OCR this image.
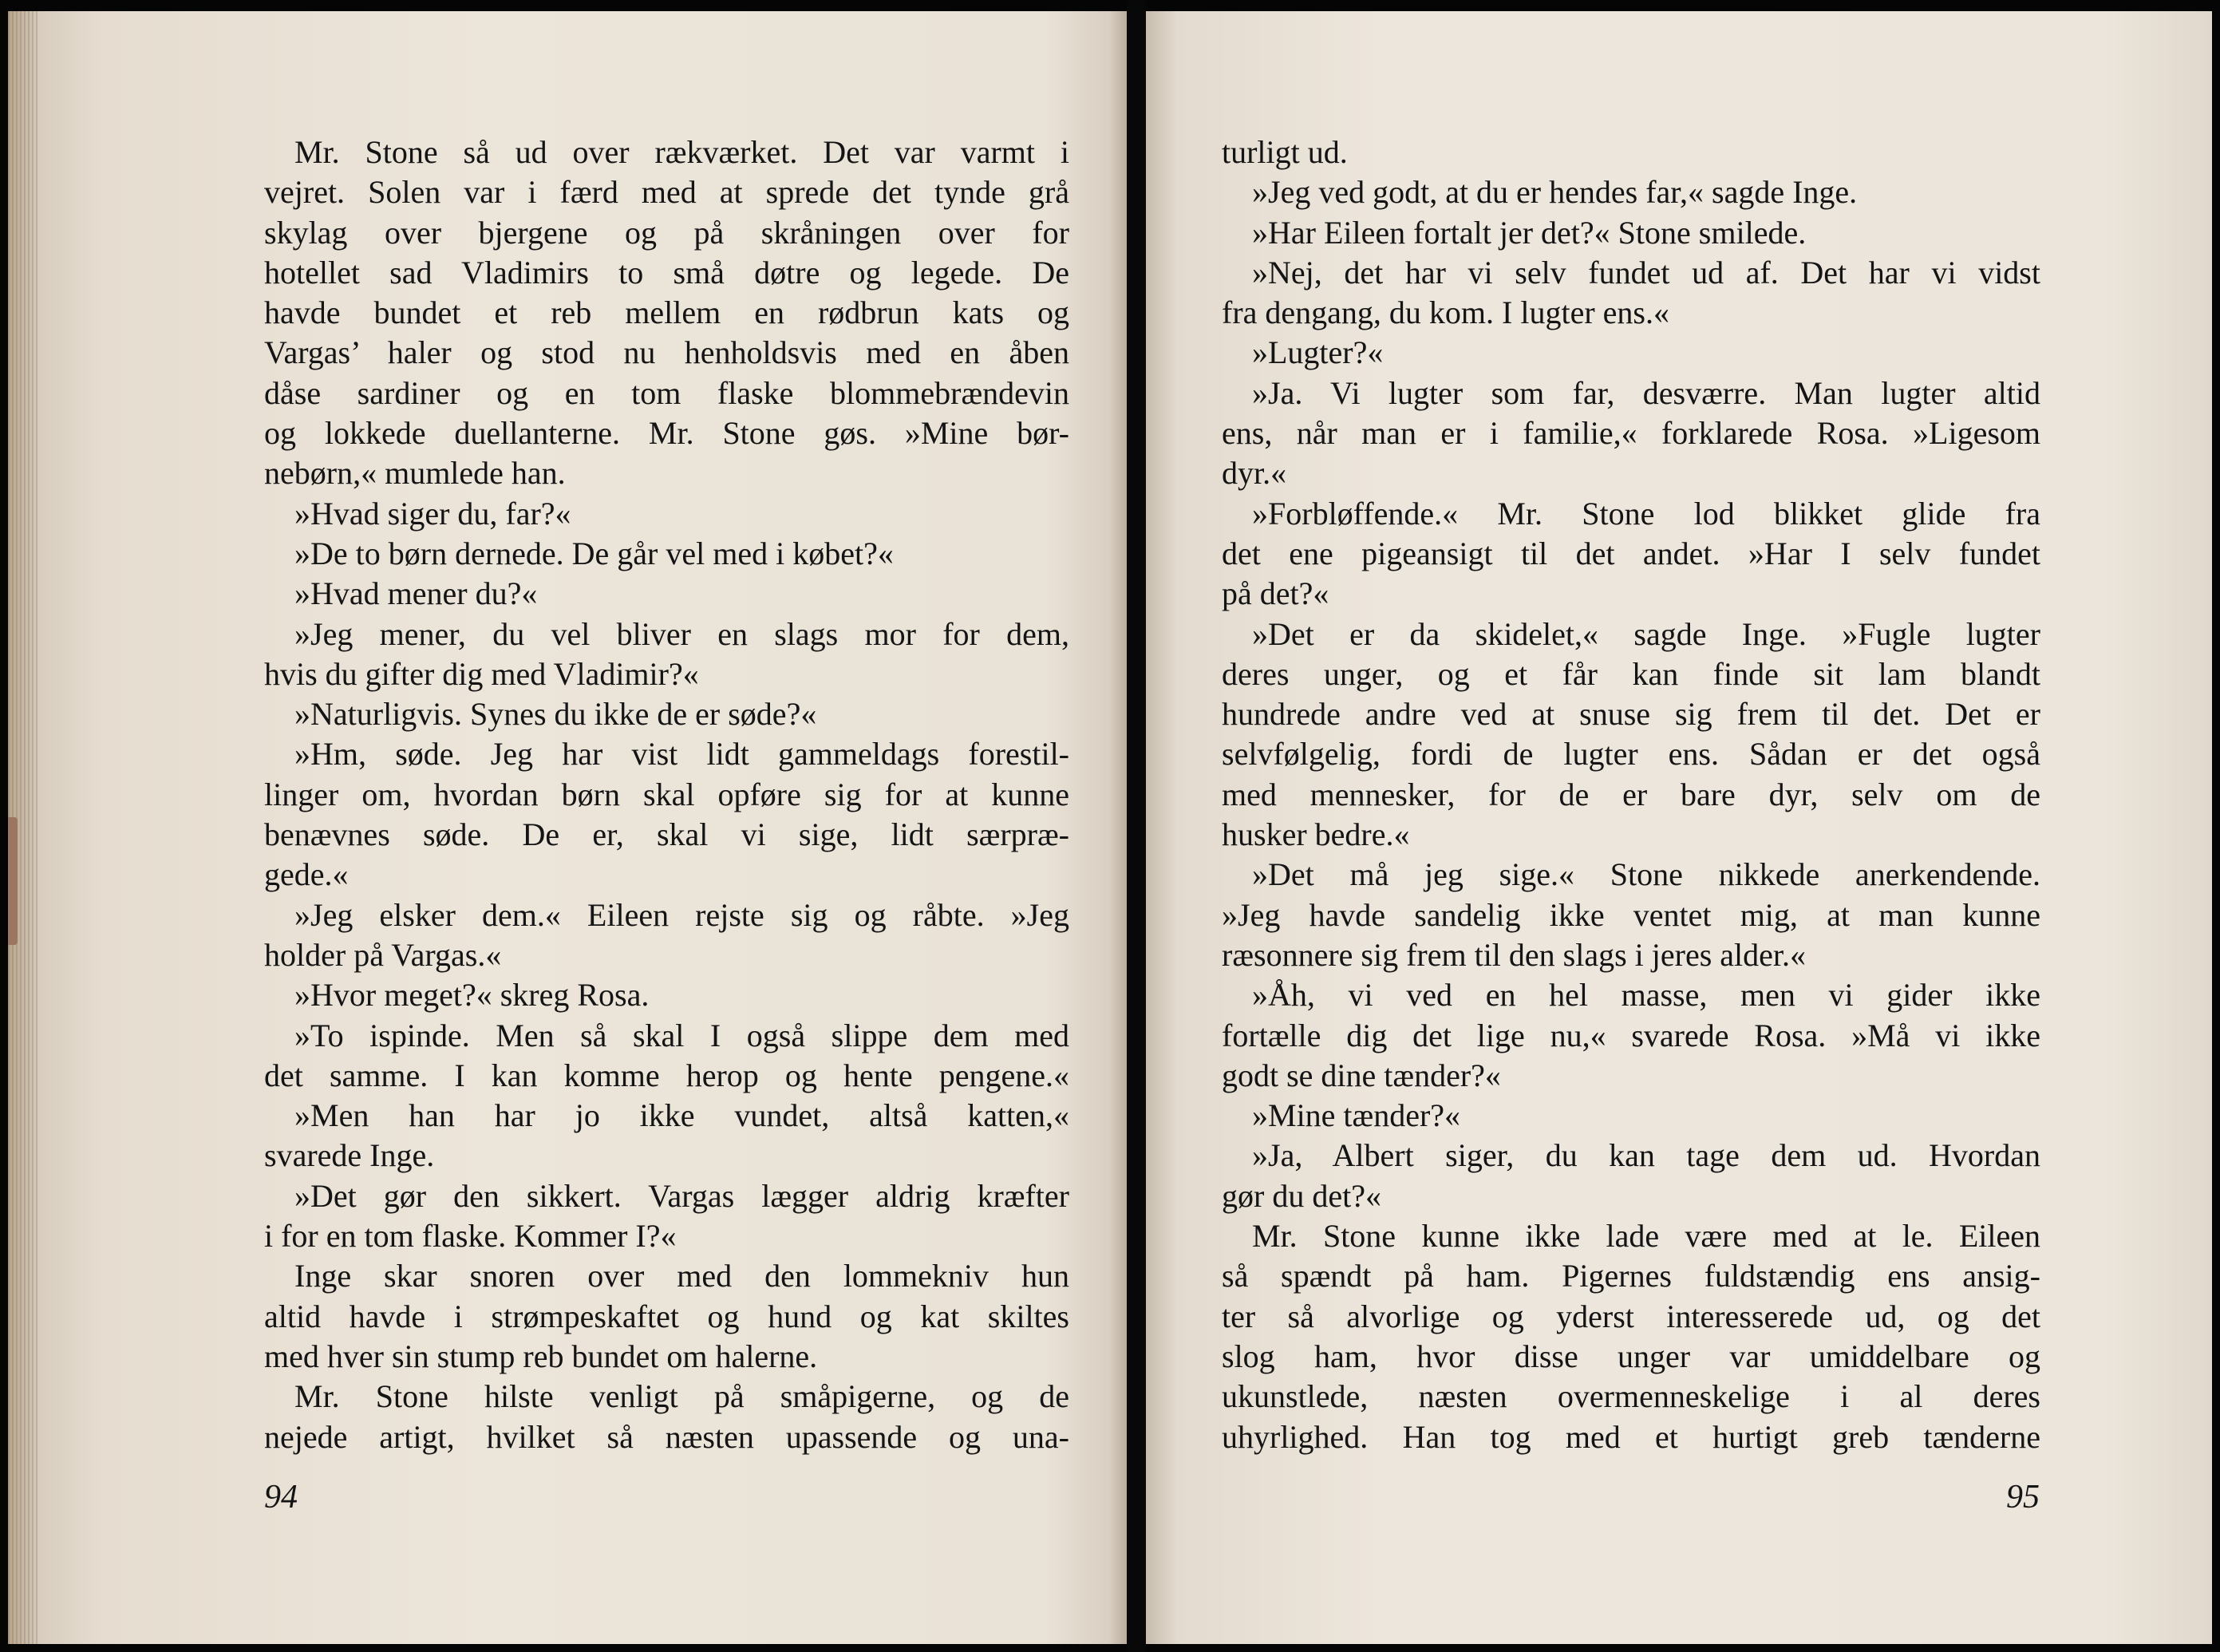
Mr. Stone så ud over rækværket. Det var varmt i
vejret. Solen var i færd med at sprede det tynde grå
skylag over bjergene og på skråningen over for
hotellet sad Vladimirs to små døtre og legede. De
havde bundet et reb mellem en rødbrun kats og
Vargas’ haler og stod nu henholdsvis med en åben
dåse sardiner og en tom flaske blommebrændevin
og lokkede duellanterne. Mr. Stone gøs. »Mine bør-
nebørn,« mumlede han.
»Hvad siger du, far?«
»De to børn dernede. De går vel med i købet?«
»Hvad mener du?«
»Jeg mener, du vel bliver en slags mor for dem,
hvis du gifter dig med Vladimir?«
»Naturligvis. Synes du ikke de er søde?«
»Hm, søde. Jeg har vist lidt gammeldags forestil-
linger om, hvordan børn skal opføre sig for at kunne
benævnes søde. De er, skal vi sige, lidt særpræ-
gede.«
»Jeg elsker dem.« Eileen rejste sig og råbte. »Jeg
holder på Vargas.«
»Hvor meget?« skreg Rosa.
»To ispinde. Men så skal I også slippe dem med
det samme. I kan komme herop og hente pengene.«
»Men han har jo ikke vundet, altså katten,«
svarede Inge.
»Det gør den sikkert. Vargas lægger aldrig kræfter
i for en tom flaske. Kommer I?«
Inge skar snoren over med den lommekniv hun
altid havde i strømpeskaftet og hund og kat skiltes
med hver sin stump reb bundet om halerne.
Mr. Stone hilste venligt på småpigerne, og de
nejede artigt, hvilket så næsten upassende og una-
94
turligt ud.
»Jeg ved godt, at du er hendes far,« sagde Inge.
»Har Eileen fortalt jer det?« Stone smilede.
»Nej, det har vi selv fundet ud af. Det har vi vidst
fra dengang, du kom. I lugter ens.«
»Lugter?«
»Ja. Vi lugter som far, desværre. Man lugter altid
ens, når man er i familie,« forklarede Rosa. »Ligesom
dyr.«
»Forbløffende.« Mr. Stone lod blikket glide fra
det ene pigeansigt til det andet. »Har I selv fundet
på det?«
»Det er da skidelet,« sagde Inge. »Fugle lugter
deres unger, og et får kan finde sit lam blandt
hundrede andre ved at snuse sig frem til det. Det er
selvfølgelig, fordi de lugter ens. Sådan er det også
med mennesker, for de er bare dyr, selv om de
husker bedre.«
»Det må jeg sige.« Stone nikkede anerkendende.
»Jeg havde sandelig ikke ventet mig, at man kunne
ræsonnere sig frem til den slags i jeres alder.«
»Åh, vi ved en hel masse, men vi gider ikke
fortælle dig det lige nu,« svarede Rosa. »Må vi ikke
godt se dine tænder?«
»Mine tænder?«
»Ja, Albert siger, du kan tage dem ud. Hvordan
gør du det?«
Mr. Stone kunne ikke lade være med at le. Eileen
så spændt på ham. Pigernes fuldstændig ens ansig-
ter så alvorlige og yderst interesserede ud, og det
slog ham, hvor disse unger var umiddelbare og
ukunstlede, næsten overmenneskelige i al deres
uhyrlighed. Han tog med et hurtigt greb tænderne
95
